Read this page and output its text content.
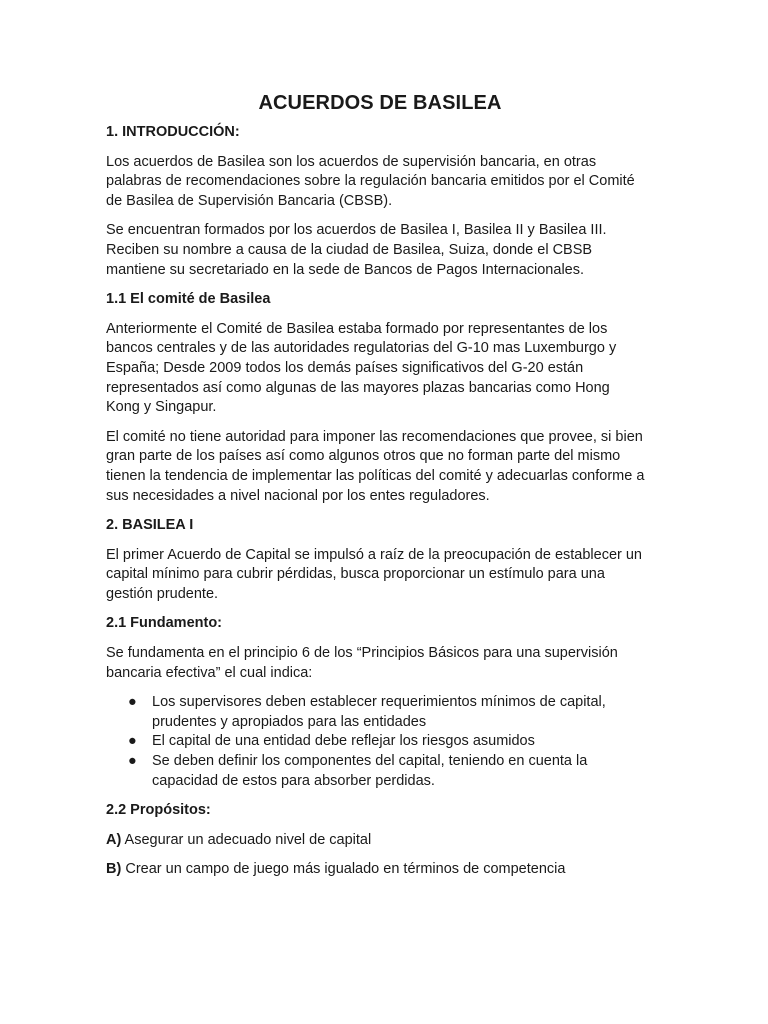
ACUERDOS DE BASILEA

1. INTRODUCCIÓN:

Los acuerdos de Basilea son los acuerdos de supervisión bancaria, en otras palabras de recomendaciones sobre la regulación bancaria emitidos por el Comité de Basilea de Supervisión Bancaria (CBSB).

Se encuentran formados por los acuerdos de Basilea I, Basilea II y Basilea III. Reciben su nombre a causa de la ciudad de Basilea, Suiza, donde el CBSB mantiene su secretariado en la sede de Bancos de Pagos Internacionales.

1.1 El comité de Basilea

Anteriormente el Comité de Basilea estaba formado por representantes de los bancos centrales y de las autoridades regulatorias del G-10 mas Luxemburgo y España; Desde 2009 todos los demás países significativos del G-20 están representados así como algunas de las mayores plazas bancarias como Hong Kong y Singapur.

El comité no tiene autoridad para imponer las recomendaciones que provee, si bien gran parte de los países así como algunos otros que no forman parte del mismo tienen la tendencia de implementar las políticas del comité y adecuarlas conforme a sus necesidades a nivel nacional por los entes reguladores.

2. BASILEA I

El primer Acuerdo de Capital se impulsó a raíz de la preocupación de establecer un capital mínimo para cubrir pérdidas, busca proporcionar un estímulo para una gestión prudente.

2.1 Fundamento:

Se fundamenta en el principio 6 de los “Principios Básicos para una supervisión bancaria efectiva” el cual indica:

● Los supervisores deben establecer requerimientos mínimos de capital, prudentes y apropiados para las entidades
● El capital de una entidad debe reflejar los riesgos asumidos
● Se deben definir los componentes del capital, teniendo en cuenta la capacidad de estos para absorber perdidas.

2.2 Propósitos:

A) Asegurar un adecuado nivel de capital

B) Crear un campo de juego más igualado en términos de competencia
